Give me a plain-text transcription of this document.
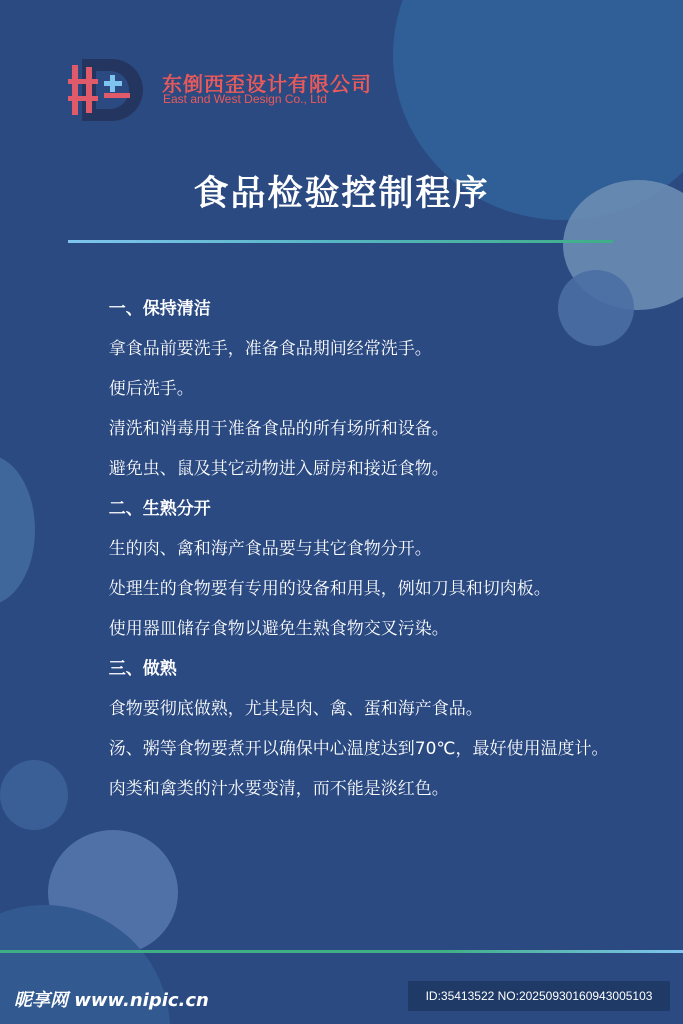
东倒西歪设计有限公司
East and West Design Co., Ltd
食品检验控制程序

一、保持清洁

拿食品前要洗手，准备食品期间经常洗手。

便后洗手。

清洗和消毒用于准备食品的所有场所和设备。

避免虫、鼠及其它动物进入厨房和接近食物。

二、生熟分开

生的肉、禽和海产食品要与其它食物分开。

处理生的食物要有专用的设备和用具，例如刀具和切肉板。

使用器皿储存食物以避免生熟食物交叉污染。

三、做熟

食物要彻底做熟，尤其是肉、禽、蛋和海产食品。

汤、粥等食物要煮开以确保中心温度达到70℃，最好使用温度计。

肉类和禽类的汁水要变清，而不能是淡红色。

昵享网 www.nipic.cn	ID:35413522 NO:20250930160943005103
